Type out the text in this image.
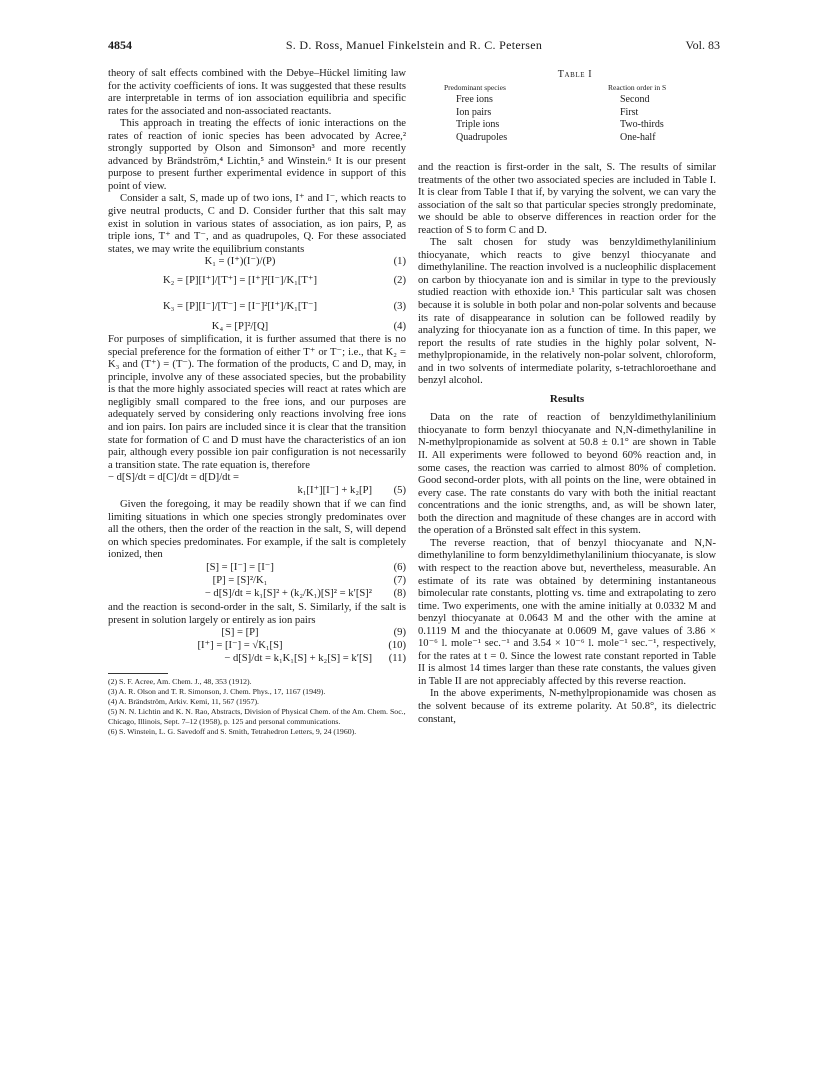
4854	S. D. Ross, Manuel Finkelstein and R. C. Petersen	Vol. 83

theory of salt effects combined with the Debye–Hückel limiting law for the activity coefficients of ions. It was suggested that these results are interpretable in terms of ion association equilibria and specific rates for the associated and non-associated reactants.

This approach in treating the effects of ionic interactions on the rates of reaction of ionic species has been advocated by Acree,² strongly supported by Olson and Simonson³ and more recently advanced by Brändström,⁴ Lichtin,⁵ and Winstein.⁶ It is our present purpose to present further experimental evidence in support of this point of view.

Consider a salt, S, made up of two ions, I⁺ and I⁻, which reacts to give neutral products, C and D. Consider further that this salt may exist in solution in various states of association, as ion pairs, P, as triple ions, T⁺ and T⁻, and as quadrupoles, Q. For these associated states, we may write the equilibrium constants

K₁ = (I⁺)(I⁻)/(P)	(1)
K₂ = [P][I⁺]/[T⁺] = [I⁺]²[I⁻]/K₁[T⁺]	(2)
K₃ = [P][I⁻]/[T⁻] = [I⁻]²[I⁺]/K₁[T⁻]	(3)
K₄ = [P]²/[Q]	(4)

For purposes of simplification, it is further assumed that there is no special preference for the formation of either T⁺ or T⁻; i.e., that K₂ = K₃ and (T⁺) = (T⁻). The formation of the products, C and D, may, in principle, involve any of these associated species, but the probability is that the more highly associated species will react at rates which are negligibly small compared to the free ions, and our purposes are adequately served by considering only reactions involving free ions and ion pairs. Ion pairs are included since it is clear that the transition state for formation of C and D must have the characteristics of an ion pair, although every possible ion pair configuration is not necessarily a transition state. The rate equation is, therefore

− d[S]/dt = d[C]/dt = d[D]/dt =
k₁[I⁺][I⁻] + k₂[P]	(5)

Given the foregoing, it may be readily shown that if we can find limiting situations in which one species strongly predominates over all the others, then the order of the reaction in the salt, S, will depend on which species predominates. For example, if the salt is completely ionized, then

[S] = [I⁻] = [I⁻]	(6)
[P] = [S]²/K₁	(7)
− d[S]/dt = k₁[S]² + (k₂/K₁)[S]² = k′[S]²	(8)

and the reaction is second-order in the salt, S. Similarly, if the salt is present in solution largely or entirely as ion pairs

[S] = [P]	(9)
[I⁺] = [I⁻] = √K₁[S]	(10)
− d[S]/dt = k₁K₁[S] + k₂[S] = k′[S]	(11)
(2) S. F. Acree, Am. Chem. J., 48, 353 (1912).
(3) A. R. Olson and T. R. Simonson, J. Chem. Phys., 17, 1167 (1949).
(4) A. Brändström, Arkiv. Kemi, 11, 567 (1957).
(5) N. N. Lichtin and K. N. Rao, Abstracts, Division of Physical Chem. of the Am. Chem. Soc., Chicago, Illinois, Sept. 7–12 (1958), p. 125 and personal communications.
(6) S. Winstein, L. G. Savedoff and S. Smith, Tetrahedron Letters, 9, 24 (1960).
Table I
Predominant species	Reaction order in S
Free ions	Second
Ion pairs	First
Triple ions	Two-thirds
Quadrupoles	One-half

and the reaction is first-order in the salt, S. The results of similar treatments of the other two associated species are included in Table I. It is clear from Table I that if, by varying the solvent, we can vary the association of the salt so that particular species strongly predominate, we should be able to observe differences in reaction order for the reaction of S to form C and D.

The salt chosen for study was benzyldimethylanilinium thiocyanate, which reacts to give benzyl thiocyanate and dimethylaniline. The reaction involved is a nucleophilic displacement on carbon by thiocyanate ion and is similar in type to the previously studied reaction with ethoxide ion.¹ This particular salt was chosen because it is soluble in both polar and non-polar solvents and because its rate of disappearance in solution can be followed readily by analyzing for thiocyanate ion as a function of time. In this paper, we report the results of rate studies in the highly polar solvent, N-methylpropionamide, in the relatively non-polar solvent, chloroform, and in two solvents of intermediate polarity, s-tetrachloroethane and benzyl alcohol.

Results

Data on the rate of reaction of benzyldimethylanilinium thiocyanate to form benzyl thiocyanate and N,N-dimethylaniline in N-methylpropionamide as solvent at 50.8 ± 0.1° are shown in Table II. All experiments were followed to beyond 60% reaction and, in some cases, the reaction was carried to almost 80% of completion. Good second-order plots, with all points on the line, were obtained in every case. The rate constants do vary with both the initial reactant concentrations and the ionic strengths, and, as will be shown later, both the direction and magnitude of these changes are in accord with the operation of a Brönsted salt effect in this system.

The reverse reaction, that of benzyl thiocyanate and N,N-dimethylaniline to form benzyldimethylanilinium thiocyanate, is slow with respect to the reaction above but, nevertheless, measurable. An estimate of its rate was obtained by determining instantaneous bimolecular rate constants, plotting vs. time and extrapolating to zero time. Two experiments, one with the amine initially at 0.0332 M and benzyl thiocyanate at 0.0643 M and the other with the amine at 0.1119 M and the thiocyanate at 0.0609 M, gave values of 3.86 × 10⁻⁶ l. mole⁻¹ sec.⁻¹ and 3.54 × 10⁻⁶ l. mole⁻¹ sec.⁻¹, respectively, for the rates at t = 0. Since the lowest rate constant reported in Table II is almost 14 times larger than these rate constants, the values given in Table II are not appreciably affected by this reverse reaction.

In the above experiments, N-methylpropionamide was chosen as the solvent because of its extreme polarity. At 50.8°, its dielectric constant,
